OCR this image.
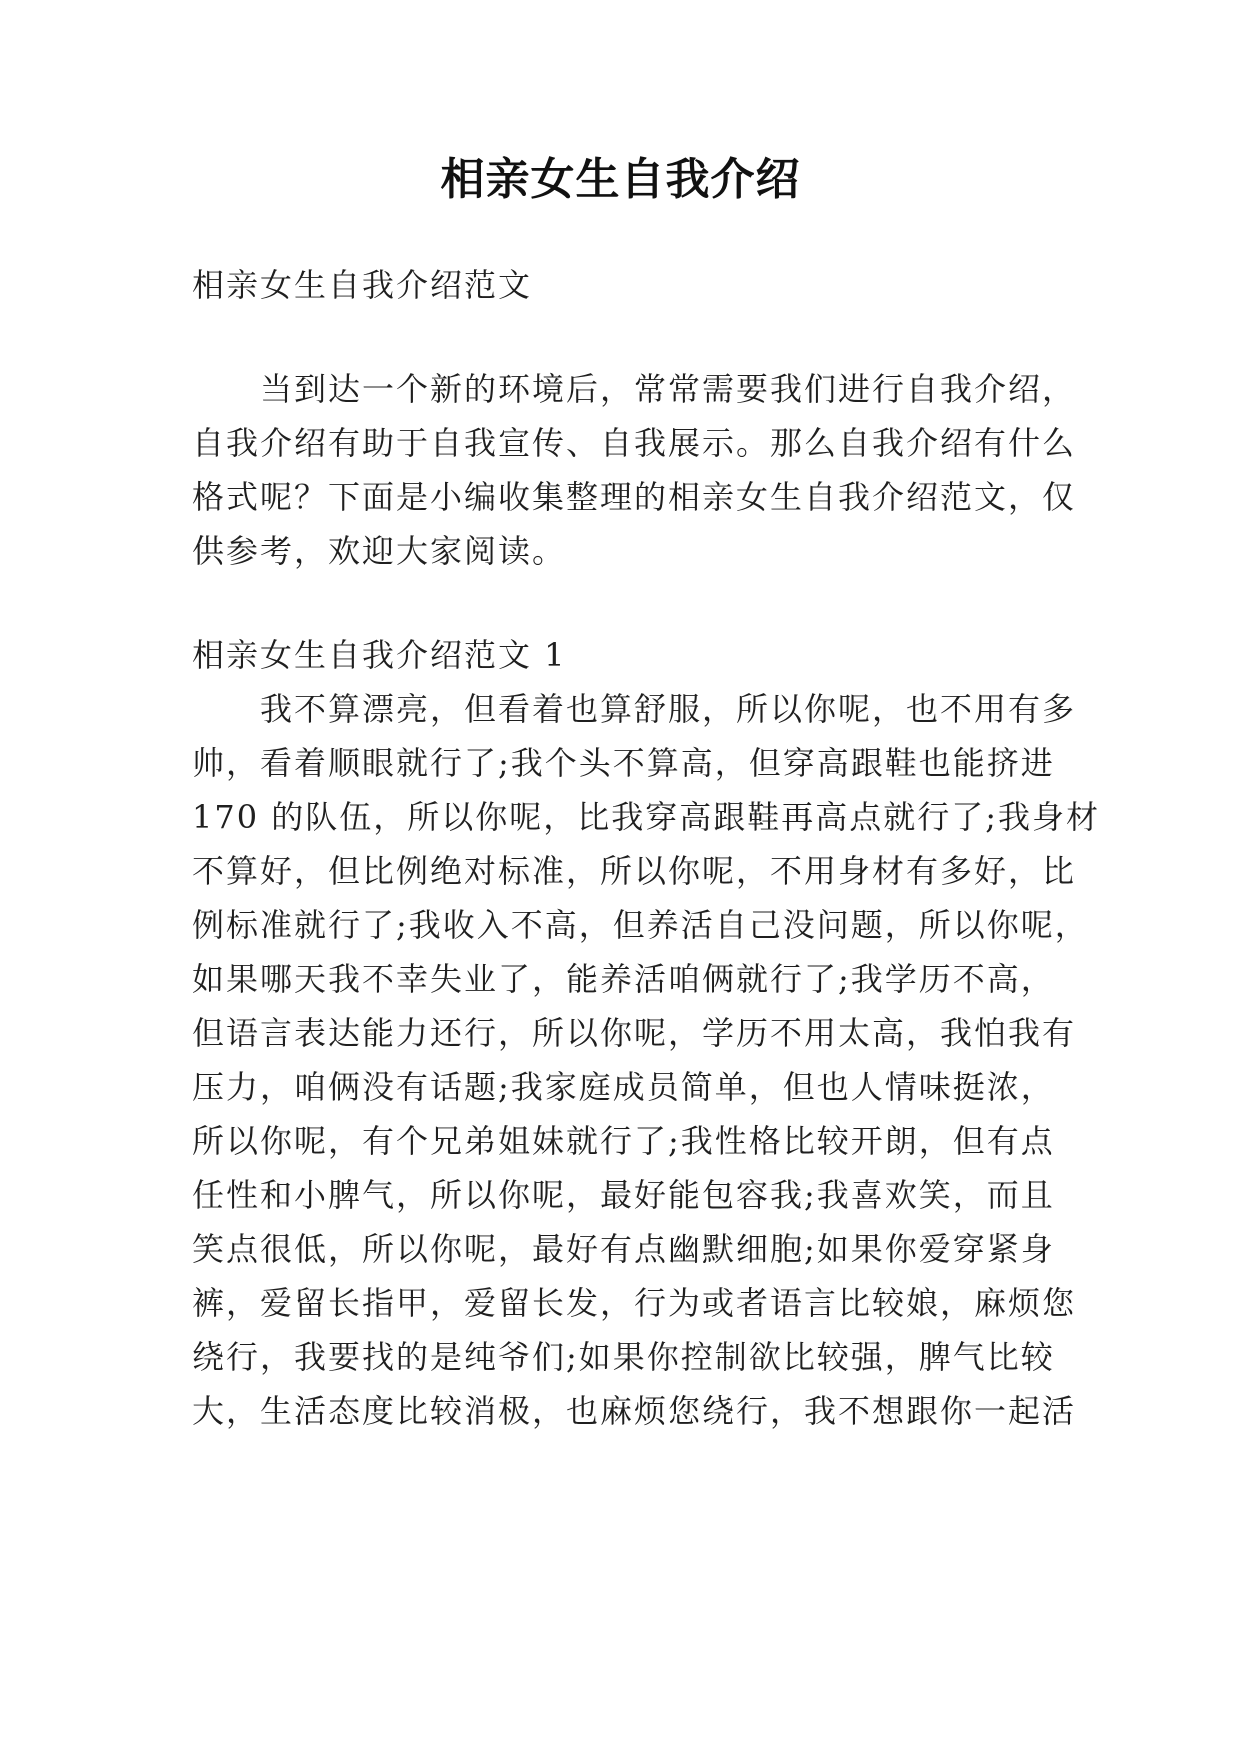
相亲女生自我介绍
相亲女生自我介绍范文
当到达一个新的环境后，常常需要我们进行自我介绍，
自我介绍有助于自我宣传、自我展示。那么自我介绍有什么
格式呢？下面是小编收集整理的相亲女生自我介绍范文，仅
供参考，欢迎大家阅读。
相亲女生自我介绍范文 1
我不算漂亮，但看着也算舒服，所以你呢，也不用有多
帅，看着顺眼就行了;我个头不算高，但穿高跟鞋也能挤进
170 的队伍，所以你呢，比我穿高跟鞋再高点就行了;我身材
不算好，但比例绝对标准，所以你呢，不用身材有多好，比
例标准就行了;我收入不高，但养活自己没问题，所以你呢，
如果哪天我不幸失业了，能养活咱俩就行了;我学历不高，
但语言表达能力还行，所以你呢，学历不用太高，我怕我有
压力，咱俩没有话题;我家庭成员简单，但也人情味挺浓，
所以你呢，有个兄弟姐妹就行了;我性格比较开朗，但有点
任性和小脾气，所以你呢，最好能包容我;我喜欢笑，而且
笑点很低，所以你呢，最好有点幽默细胞;如果你爱穿紧身
裤，爱留长指甲，爱留长发，行为或者语言比较娘，麻烦您
绕行，我要找的是纯爷们;如果你控制欲比较强，脾气比较
大，生活态度比较消极，也麻烦您绕行，我不想跟你一起活
